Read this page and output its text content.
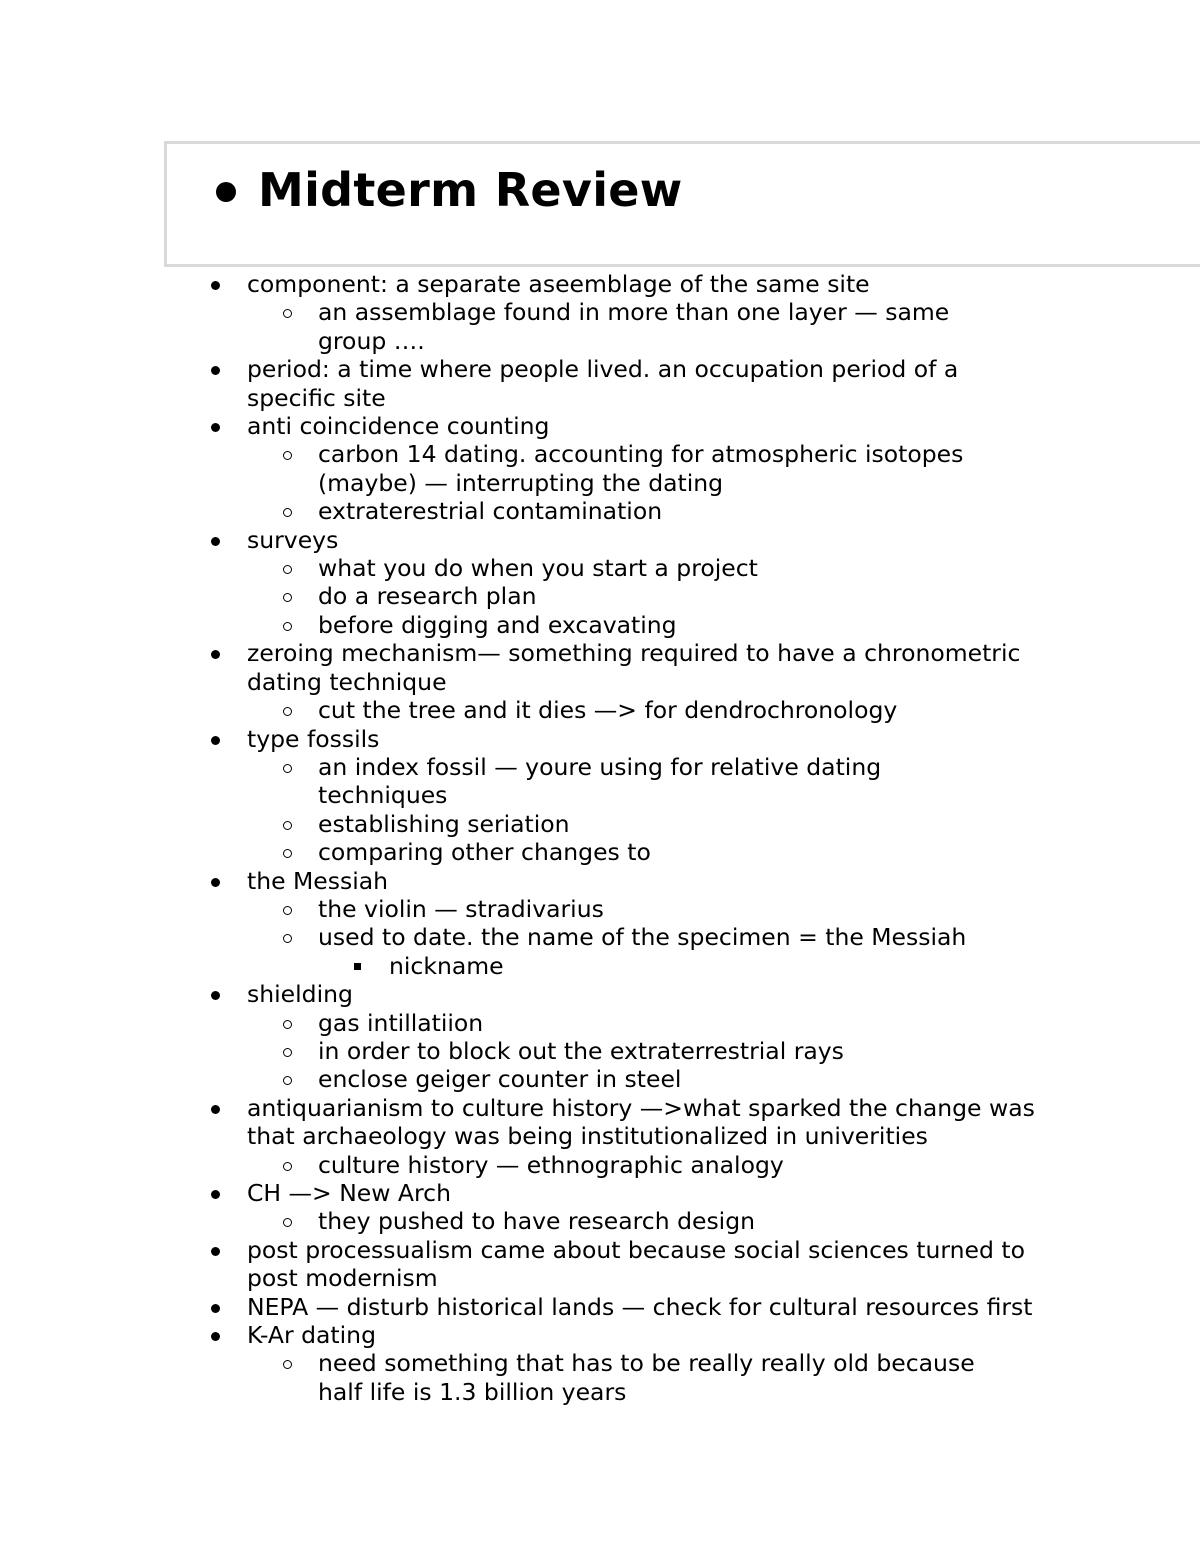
Midterm Review
component: a separate aseemblage of the same site
an assemblage found in more than one layer — same group ….
period: a time where people lived. an occupation period of a specific site
anti coincidence counting
carbon 14 dating. accounting for atmospheric isotopes (maybe) — interrupting the dating
extraterestrial contamination
surveys
what you do when you start a project
do a research plan
before digging and excavating
zeroing mechanism— something required to have a chronometric dating technique
cut the tree and it dies —> for dendrochronology
type fossils
an index fossil — youre using for relative dating techniques
establishing seriation
comparing other changes to
the Messiah
the violin — stradivarius
used to date. the name of the specimen = the Messiah
nickname
shielding
gas intillatiion
in order to block out the extraterrestrial rays
enclose geiger counter in steel
antiquarianism to culture history —>what sparked the change was that archaeology was being institutionalized in univerities
culture history — ethnographic analogy
CH —> New Arch
they pushed to have research design
post processualism came about because social sciences turned to post modernism
NEPA — disturb historical lands — check for cultural resources first
K-Ar dating
need something that has to be really really old because half life is 1.3 billion years
